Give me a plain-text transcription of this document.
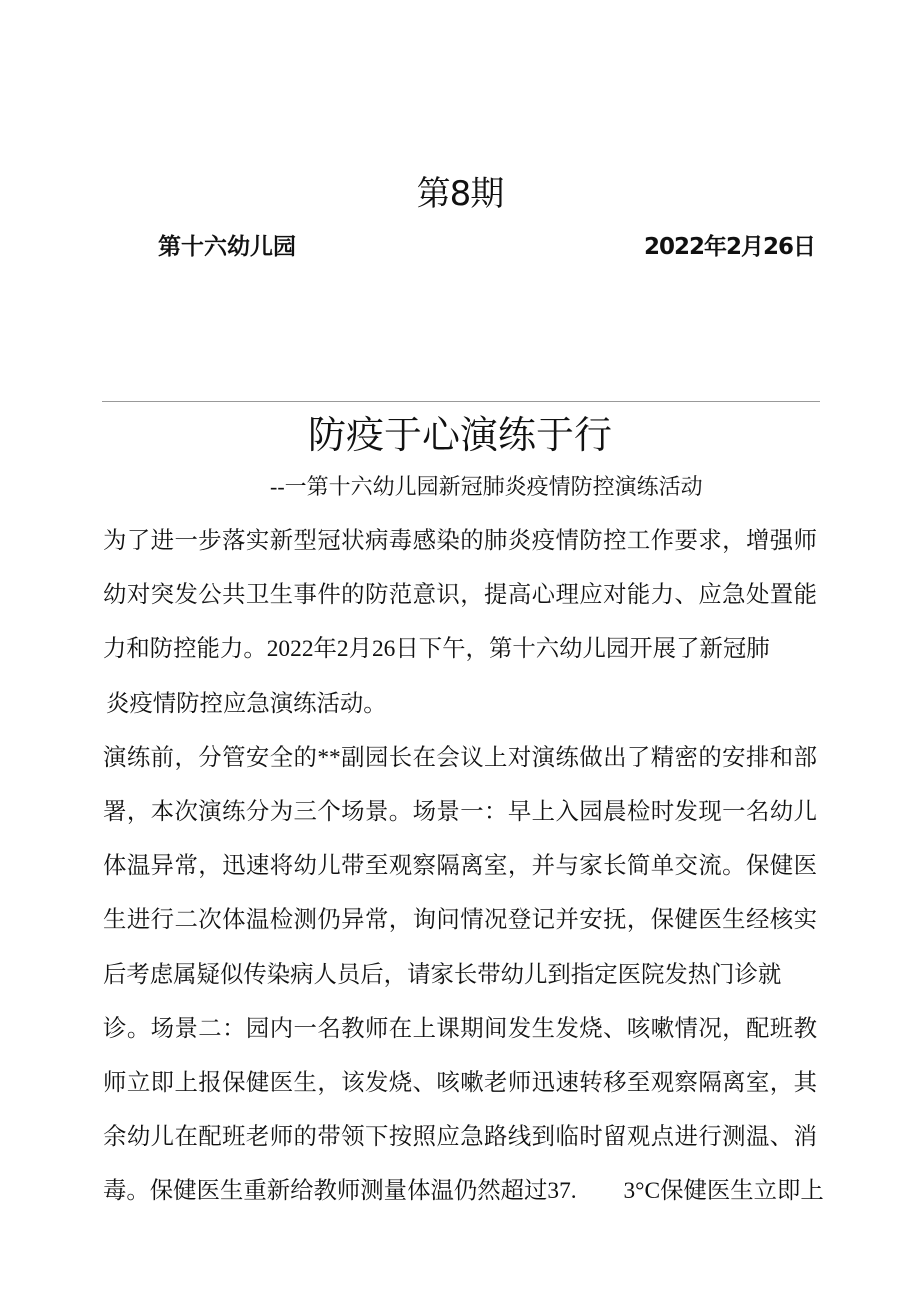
第8期
第十六幼儿园	2022年2月26日
防疫于心演练于行
--一第十六幼儿园新冠肺炎疫情防控演练活动
为了进一步落实新型冠状病毒感染的肺炎疫情防控工作要求，增强师
幼对突发公共卫生事件的防范意识，提高心理应对能力、应急处置能
力和防控能力。2022年2月26日下午，第十六幼儿园开展了新冠肺
炎疫情防控应急演练活动。
演练前，分管安全的**副园长在会议上对演练做出了精密的安排和部
署，本次演练分为三个场景。场景一：早上入园晨检时发现一名幼儿
体温异常，迅速将幼儿带至观察隔离室，并与家长简单交流。保健医
生进行二次体温检测仍异常，询问情况登记并安抚，保健医生经核实
后考虑属疑似传染病人员后，请家长带幼儿到指定医院发热门诊就
诊。场景二：园内一名教师在上课期间发生发烧、咳嗽情况，配班教
师立即上报保健医生，该发烧、咳嗽老师迅速转移至观察隔离室，其
余幼儿在配班老师的带领下按照应急路线到临时留观点进行测温、消
毒。保健医生重新给教师测量体温仍然超过37.　　3°C保健医生立即上
